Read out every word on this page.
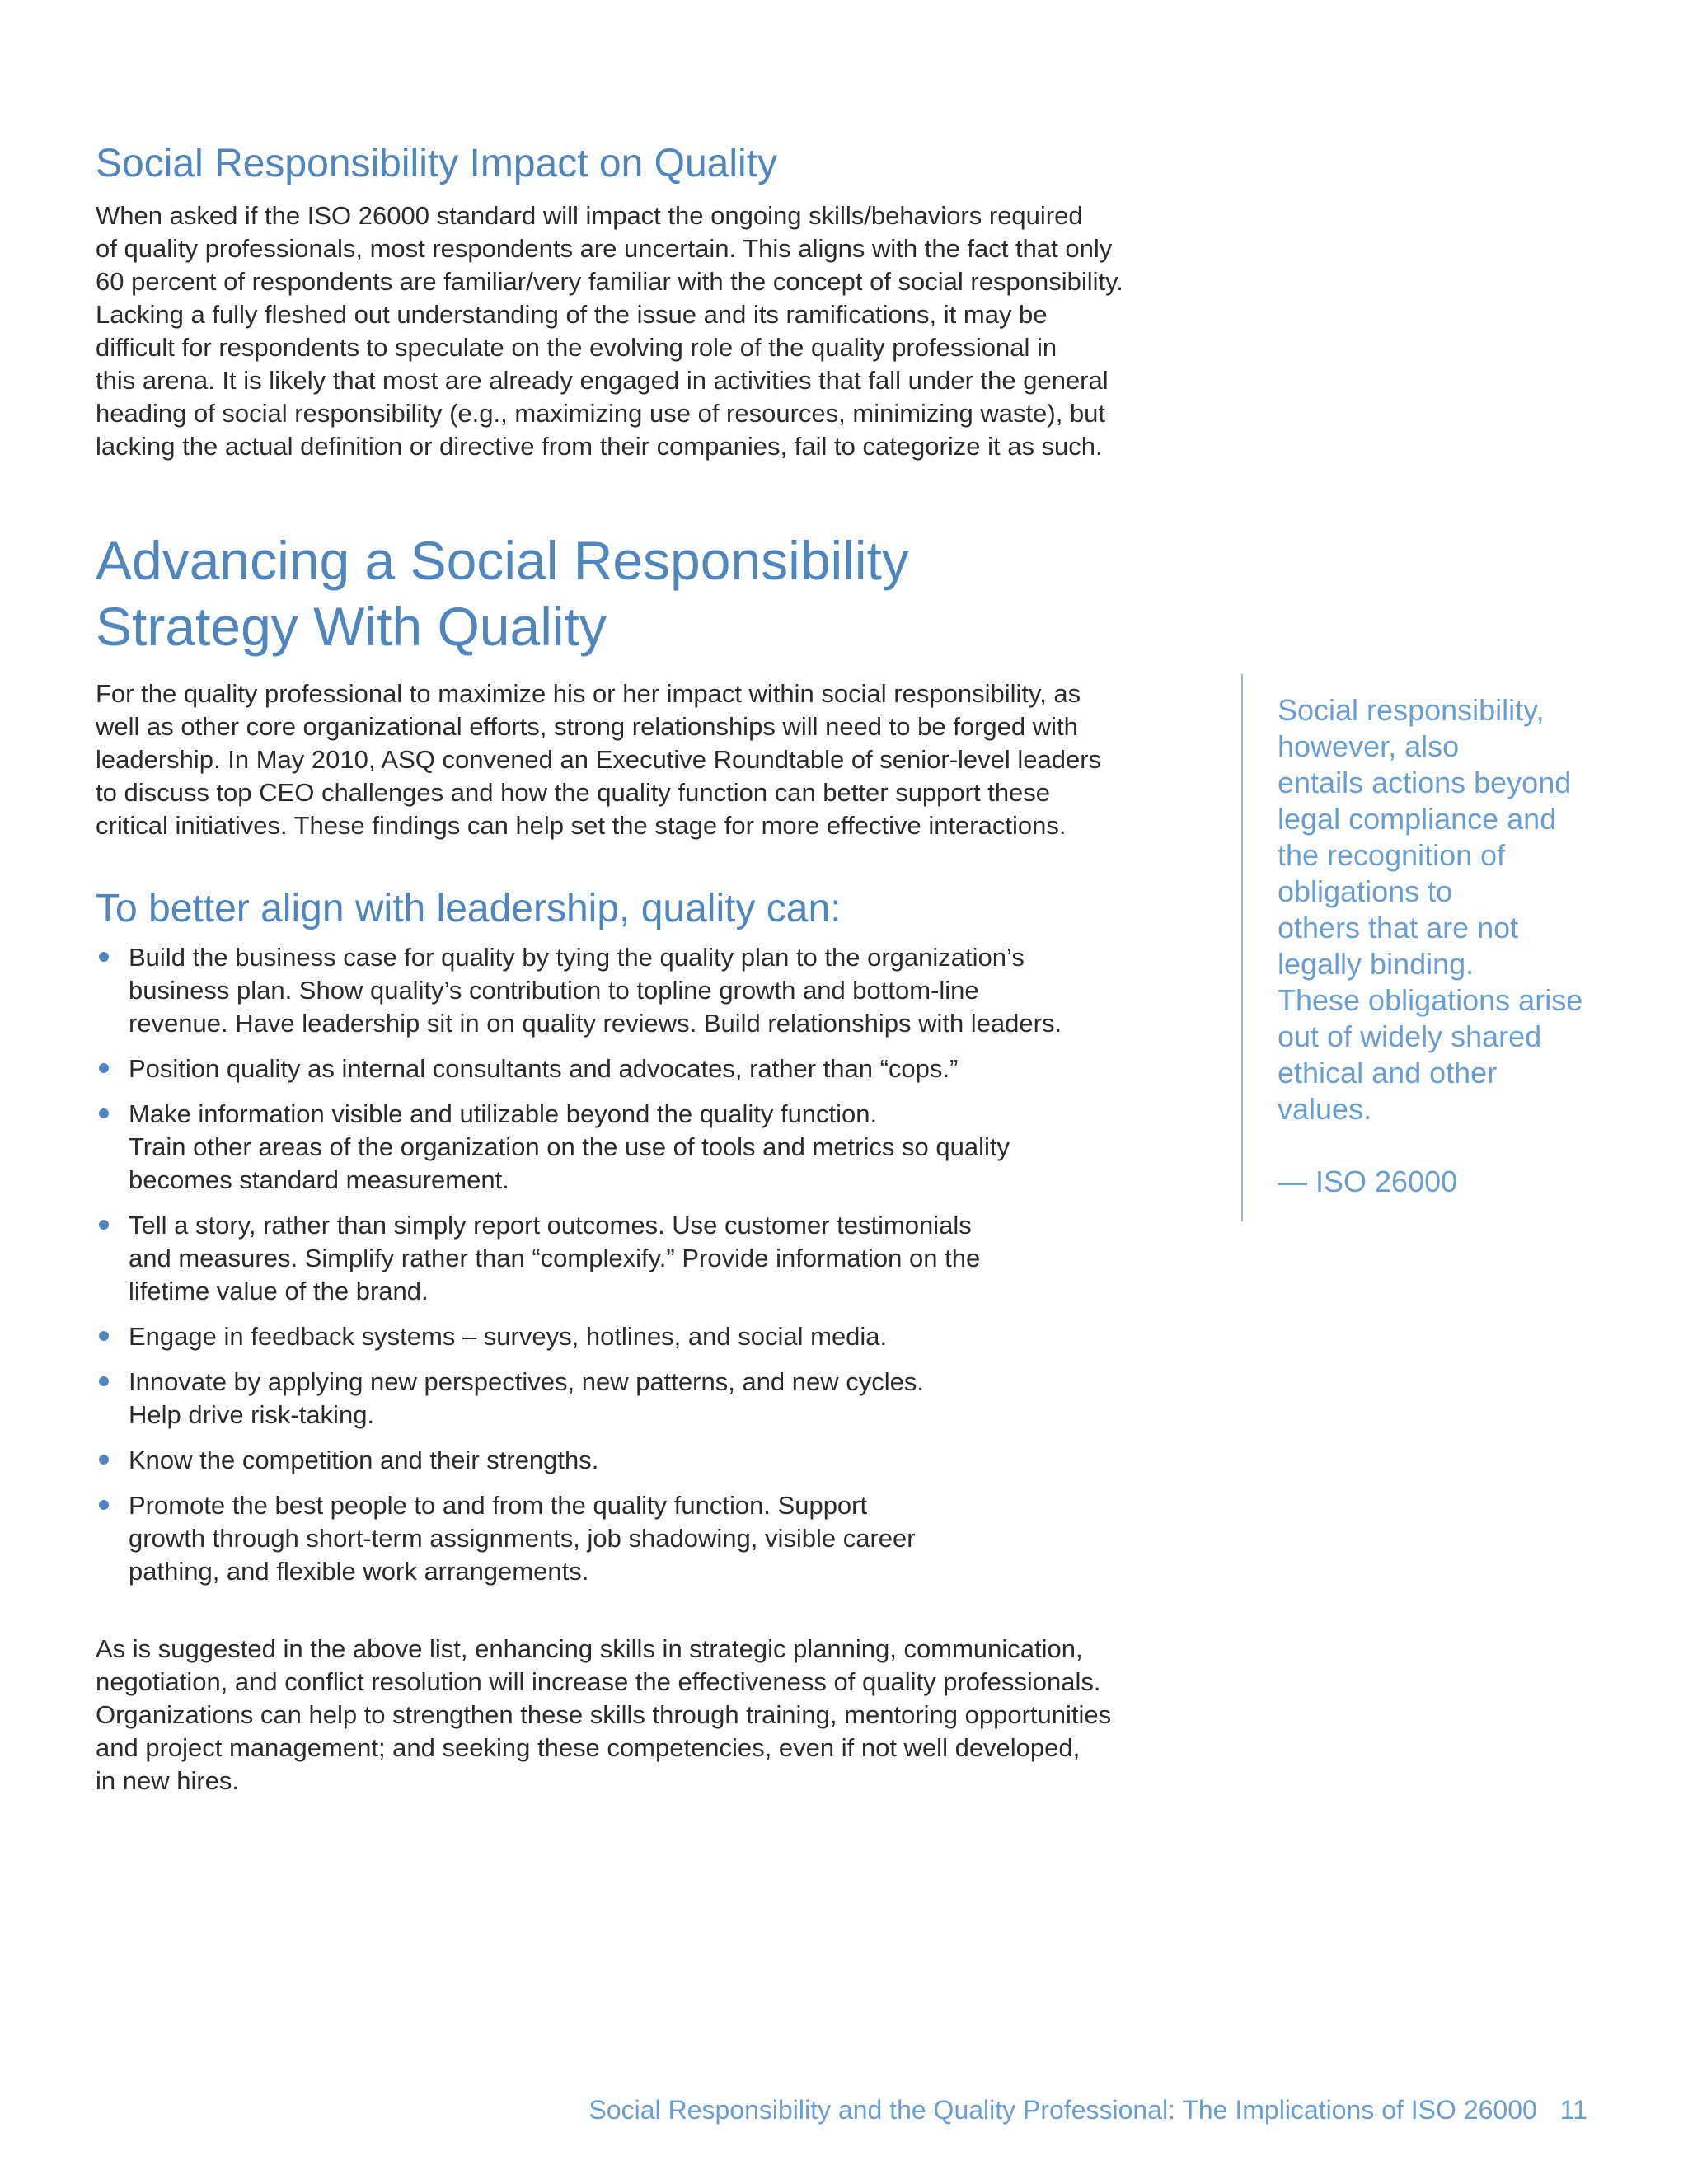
Social Responsibility Impact on Quality

When asked if the ISO 26000 standard will impact the ongoing skills/behaviors required
of quality professionals, most respondents are uncertain. This aligns with the fact that only
60 percent of respondents are familiar/very familiar with the concept of social responsibility.
Lacking a fully fleshed out understanding of the issue and its ramifications, it may be
difficult for respondents to speculate on the evolving role of the quality professional in
this arena. It is likely that most are already engaged in activities that fall under the general
heading of social responsibility (e.g., maximizing use of resources, minimizing waste), but
lacking the actual definition or directive from their companies, fail to categorize it as such.

Advancing a Social Responsibility
Strategy With Quality

For the quality professional to maximize his or her impact within social responsibility, as
well as other core organizational efforts, strong relationships will need to be forged with
leadership. In May 2010, ASQ convened an Executive Roundtable of senior-level leaders
to discuss top CEO challenges and how the quality function can better support these
critical initiatives. These findings can help set the stage for more effective interactions.

To better align with leadership, quality can:
Build the business case for quality by tying the quality plan to the organization’s
business plan. Show quality’s contribution to topline growth and bottom-line
revenue. Have leadership sit in on quality reviews. Build relationships with leaders.
Position quality as internal consultants and advocates, rather than “cops.”
Make information visible and utilizable beyond the quality function.
Train other areas of the organization on the use of tools and metrics so quality
becomes standard measurement.
Tell a story, rather than simply report outcomes. Use customer testimonials
and measures. Simplify rather than “complexify.” Provide information on the
lifetime value of the brand.
Engage in feedback systems – surveys, hotlines, and social media.
Innovate by applying new perspectives, new patterns, and new cycles.
Help drive risk-taking.
Know the competition and their strengths.
Promote the best people to and from the quality function. Support
growth through short-term assignments, job shadowing, visible career
pathing, and flexible work arrangements.

As is suggested in the above list, enhancing skills in strategic planning, communication,
negotiation, and conflict resolution will increase the effectiveness of quality professionals.
Organizations can help to strengthen these skills through training, mentoring opportunities
and project management; and seeking these competencies, even if not well developed,
in new hires.

Social responsibility,
however, also
entails actions beyond
legal compliance and
the recognition of
obligations to
others that are not
legally binding.
These obligations arise
out of widely shared
ethical and other
values.

— ISO 26000
Social Responsibility and the Quality Professional: The Implications of ISO 26000 11
